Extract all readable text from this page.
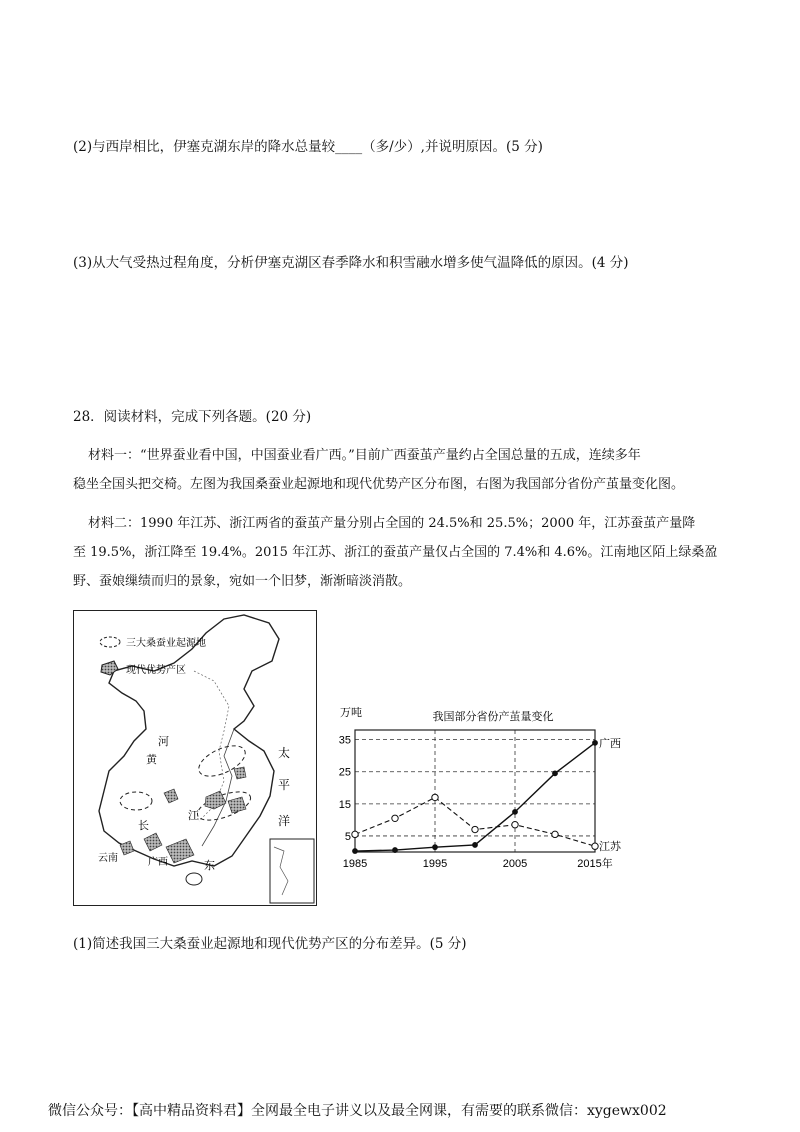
(2)与西岸相比，伊塞克湖东岸的降水总量较____（多/少）,并说明原因。(5 分)
(3)从大气受热过程角度，分析伊塞克湖区春季降水和积雪融水增多使气温降低的原因。(4 分)
28．阅读材料，完成下列各题。(20 分)
材料一：“世界蚕业看中国，中国蚕业看广西。”目前广西蚕茧产量约占全国总量的五成，连续多年
稳坐全国头把交椅。左图为我国桑蚕业起源地和现代优势产区分布图，右图为我国部分省份产茧量变化图。
材料二：1990 年江苏、浙江两省的蚕茧产量分别占全国的 24.5%和 25.5%；2000 年，江苏蚕茧产量降
至 19.5%，浙江降至 19.4%。2015 年江苏、浙江的蚕茧产量仅占全国的 7.4%和 4.6%。江南地区陌上绿桑盈
野、蚕娘缫绩而归的景象，宛如一个旧梦，渐渐暗淡消散。
三大桑蚕业起源地
现代优势产区
河
黄
长
江
云南	广西	东
太
平
洋
万吨	我国部分省份产茧量变化
5
15
25
35
1985	1995	2005	2015年
广西
江苏
(1)简述我国三大桑蚕业起源地和现代优势产区的分布差异。(5 分)
微信公众号：【高中精品资料君】全网最全电子讲义以及最全网课，有需要的联系微信：xygewx002
